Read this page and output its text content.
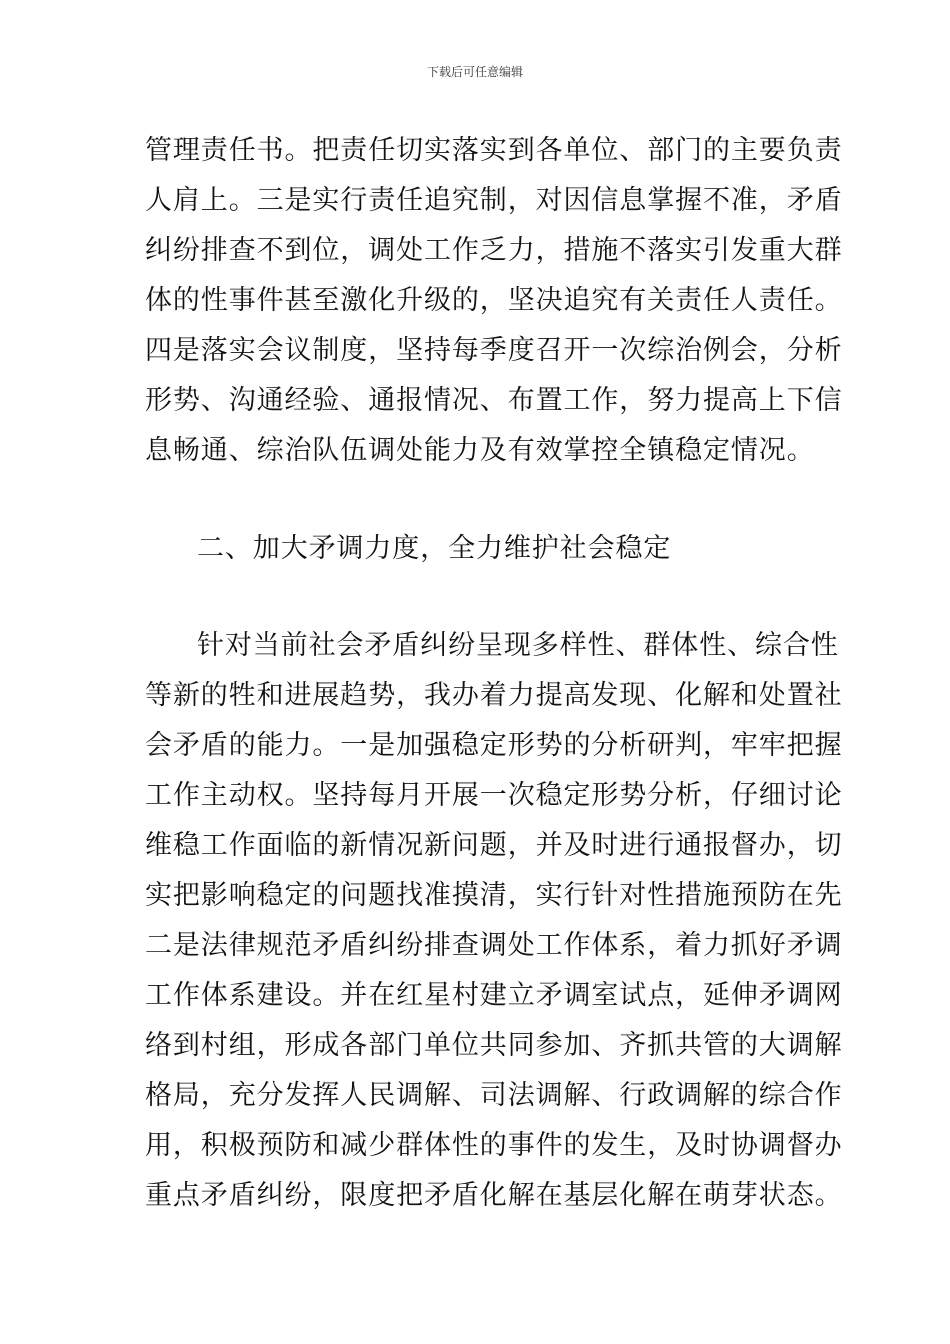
下载后可任意编辑
管理责任书。把责任切实落实到各单位、部门的主要负责
人肩上。三是实行责任追究制，对因信息掌握不准，矛盾
纠纷排查不到位，调处工作乏力，措施不落实引发重大群
体的性事件甚至激化升级的，坚决追究有关责任人责任。
四是落实会议制度，坚持每季度召开一次综治例会，分析
形势、沟通经验、通报情况、布置工作，努力提高上下信
息畅通、综治队伍调处能力及有效掌控全镇稳定情况。
二、加大矛调力度，全力维护社会稳定
针对当前社会矛盾纠纷呈现多样性、群体性、综合性
等新的牲和进展趋势，我办着力提高发现、化解和处置社
会矛盾的能力。一是加强稳定形势的分析研判，牢牢把握
工作主动权。坚持每月开展一次稳定形势分析，仔细讨论
维稳工作面临的新情况新问题，并及时进行通报督办，切
实把影响稳定的问题找准摸清，实行针对性措施预防在先
二是法律规范矛盾纠纷排查调处工作体系，着力抓好矛调
工作体系建设。并在红星村建立矛调室试点，延伸矛调网
络到村组，形成各部门单位共同参加、齐抓共管的大调解
格局，充分发挥人民调解、司法调解、行政调解的综合作
用，积极预防和减少群体性的事件的发生，及时协调督办
重点矛盾纠纷，限度把矛盾化解在基层化解在萌芽状态。
